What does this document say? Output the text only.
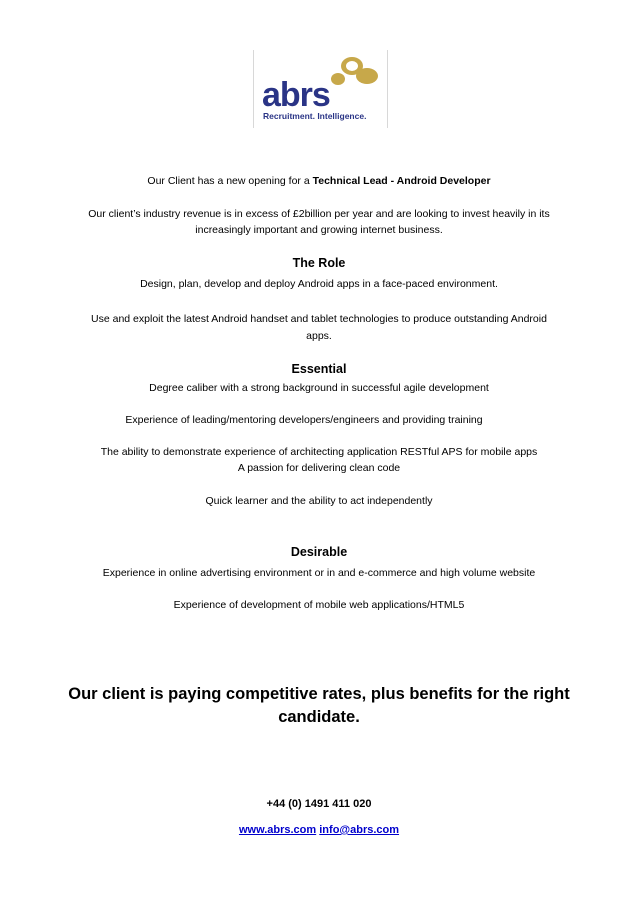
abrs
Recruitment. Intelligence.
Our Client has a new opening for a Technical Lead - Android Developer
Our client’s industry revenue is in excess of £2billion per year and are looking to invest heavily in its
increasingly important and growing internet business.
The Role
Design, plan, develop and deploy Android apps in a face-paced environment.
Use and exploit the latest Android handset and tablet technologies to produce outstanding Android
apps.
Essential
Degree caliber with a strong background in successful agile development
Experience of leading/mentoring developers/engineers and providing training
The ability to demonstrate experience of architecting application RESTful APS for mobile apps
A passion for delivering clean code
Quick learner and the ability to act independently
Desirable
Experience in online advertising environment or in and e-commerce and high volume website
Experience of development of mobile web applications/HTML5
Our client is paying competitive rates, plus benefits for the right
candidate.
+44 (0) 1491 411 020
www.abrs.com info@abrs.com
